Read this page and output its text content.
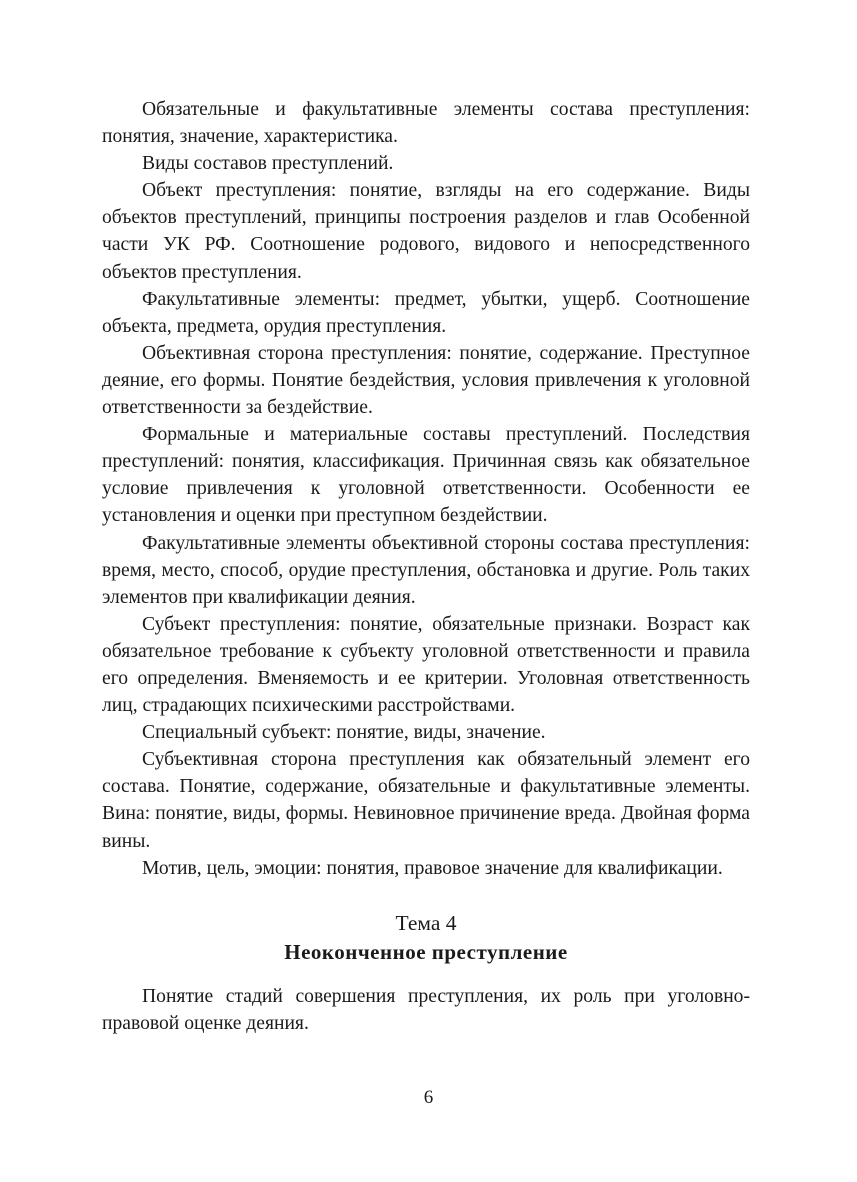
Обязательные и факультативные элементы состава преступления: понятия, значение, характеристика.

Виды составов преступлений.

Объект преступления: понятие, взгляды на его содержание. Виды объектов преступлений, принципы построения разделов и глав Особенной части УК РФ. Соотношение родового, видового и непосредственного объектов преступления.

Факультативные элементы: предмет, убытки, ущерб. Соотношение объекта, предмета, орудия преступления.

Объективная сторона преступления: понятие, содержание. Преступное деяние, его формы. Понятие бездействия, условия привлечения к уголовной ответственности за бездействие.

Формальные и материальные составы преступлений. Последствия преступлений: понятия, классификация. Причинная связь как обязательное условие привлечения к уголовной ответственности. Особенности ее установления и оценки при преступном бездействии.

Факультативные элементы объективной стороны состава преступления: время, место, способ, орудие преступления, обстановка и другие. Роль таких элементов при квалификации деяния.

Субъект преступления: понятие, обязательные признаки. Возраст как обязательное требование к субъекту уголовной ответственности и правила его определения. Вменяемость и ее критерии. Уголовная ответственность лиц, страдающих психическими расстройствами.

Специальный субъект: понятие, виды, значение.

Субъективная сторона преступления как обязательный элемент его состава. Понятие, содержание, обязательные и факультативные элементы. Вина: понятие, виды, формы. Невиновное причинение вреда. Двойная форма вины.

Мотив, цель, эмоции: понятия, правовое значение для квалификации.

Тема 4
Неоконченное преступление

Понятие стадий совершения преступления, их роль при уголовно-правовой оценке деяния.

6
